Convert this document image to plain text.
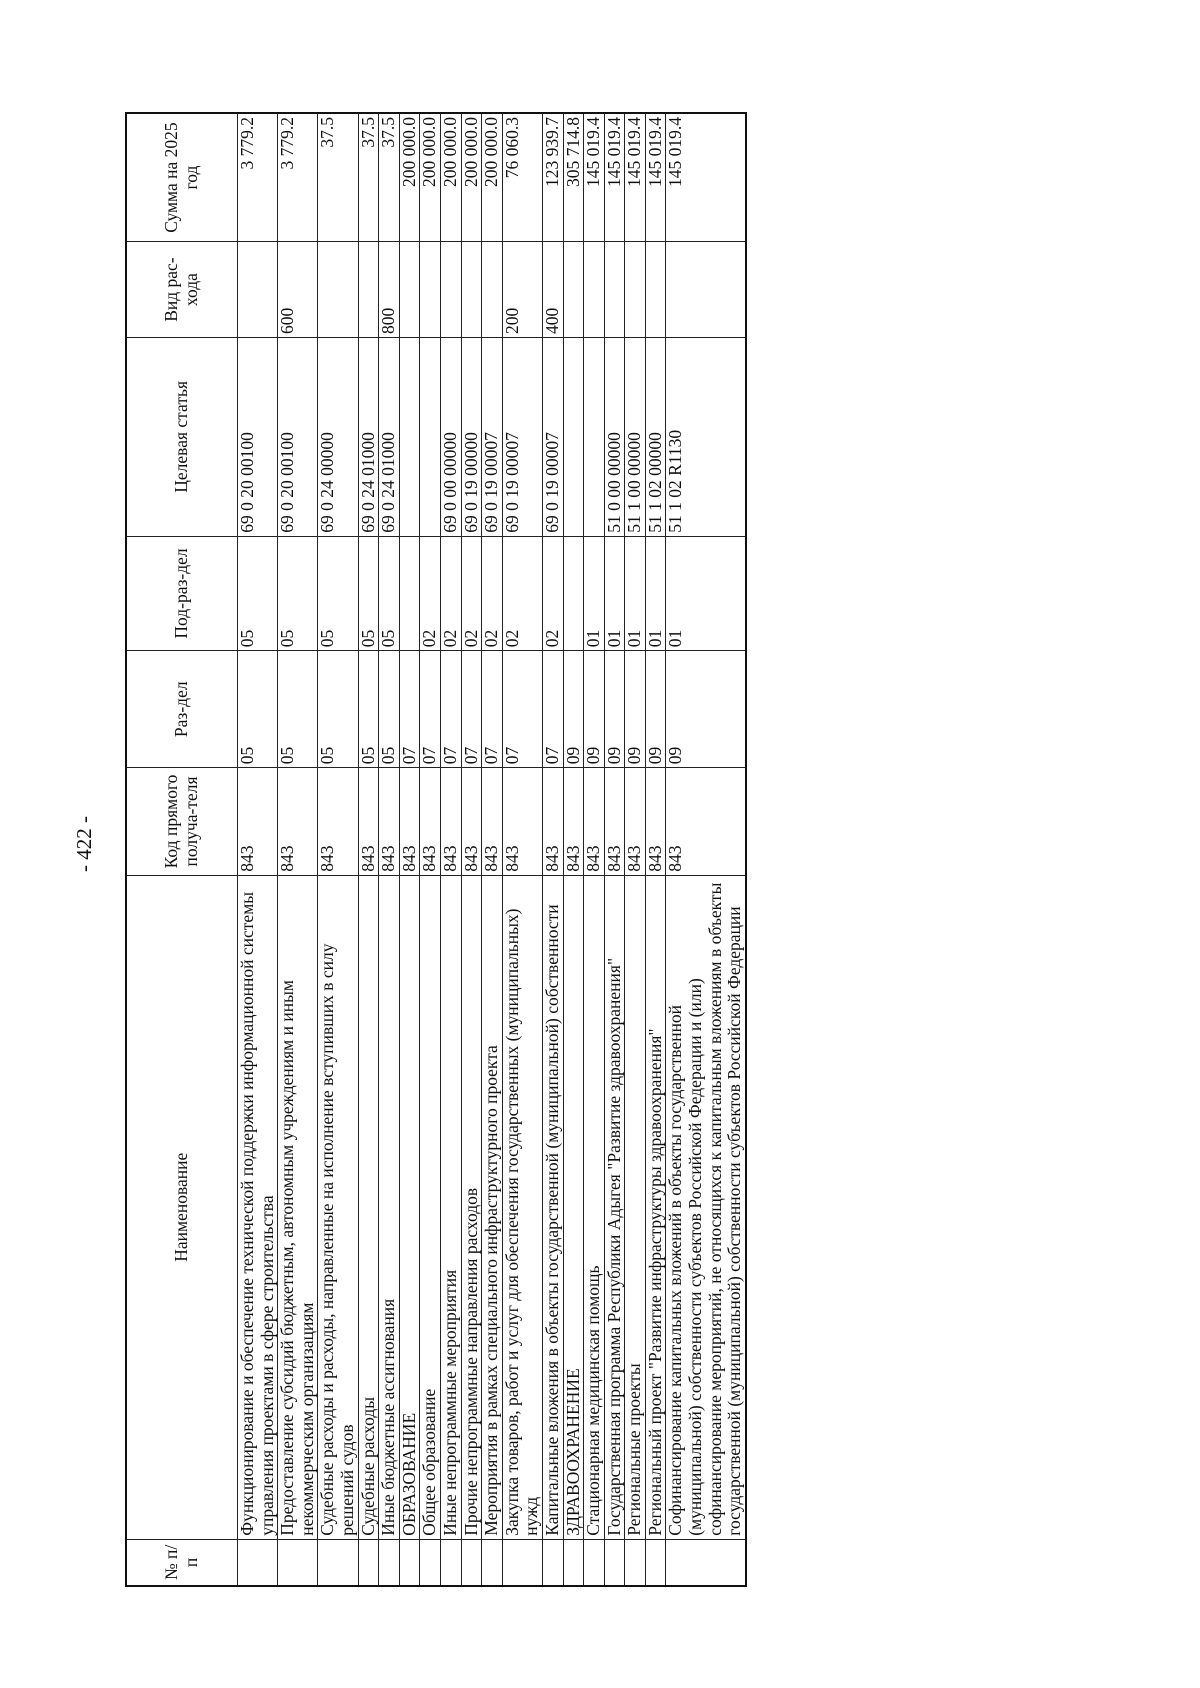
- 422 -
№ п/п	Наименование	Код прямого получа-теля	Раз-дел	Под-раз-дел	Целевая статья	Вид рас-хода	Сумма на 2025 год
	Функционирование и обеспечение технической поддержки информационной системы управления проектами в сфере строительства	843	05	05	69 0 20 00100		3 779.2
	Предоставление субсидий бюджетным, автономным учреждениям и иным некоммерческим организациям	843	05	05	69 0 20 00100	600	3 779.2
	Судебные расходы и расходы, направленные на исполнение вступивших в силу решений судов	843	05	05	69 0 24 00000		37.5
	Судебные расходы	843	05	05	69 0 24 01000		37.5
	Иные бюджетные ассигнования	843	05	05	69 0 24 01000	800	37.5
	ОБРАЗОВАНИЕ	843	07				200 000.0
	Общее образование	843	07	02			200 000.0
	Иные непрограммные мероприятия	843	07	02	69 0 00 00000		200 000.0
	Прочие непрограммные направления расходов	843	07	02	69 0 19 00000		200 000.0
	Мероприятия в рамках специального инфраструктурного проекта	843	07	02	69 0 19 00007		200 000.0
	Закупка товаров, работ и услуг для обеспечения государственных (муниципальных) нужд	843	07	02	69 0 19 00007	200	76 060.3
	Капитальные вложения в объекты государственной (муниципальной) собственности	843	07	02	69 0 19 00007	400	123 939.7
	ЗДРАВООХРАНЕНИЕ	843	09				305 714.8
	Стационарная медицинская помощь	843	09	01			145 019.4
	Государственная программа Республики Адыгея "Развитие здравоохранения"	843	09	01	51 0 00 00000		145 019.4
	Региональные проекты	843	09	01	51 1 00 00000		145 019.4
	Региональный проект "Развитие инфраструктуры здравоохранения"	843	09	01	51 1 02 00000		145 019.4
	Софинансирование капитальных вложений в объекты государственной (муниципальной) собственности субъектов Российской Федерации и (или) софинансирование мероприятий, не относящихся к капитальным вложениям в объекты государственной (муниципальной) собственности субъектов Российской Федерации	843	09	01	51 1 02 R1130		145 019.4
